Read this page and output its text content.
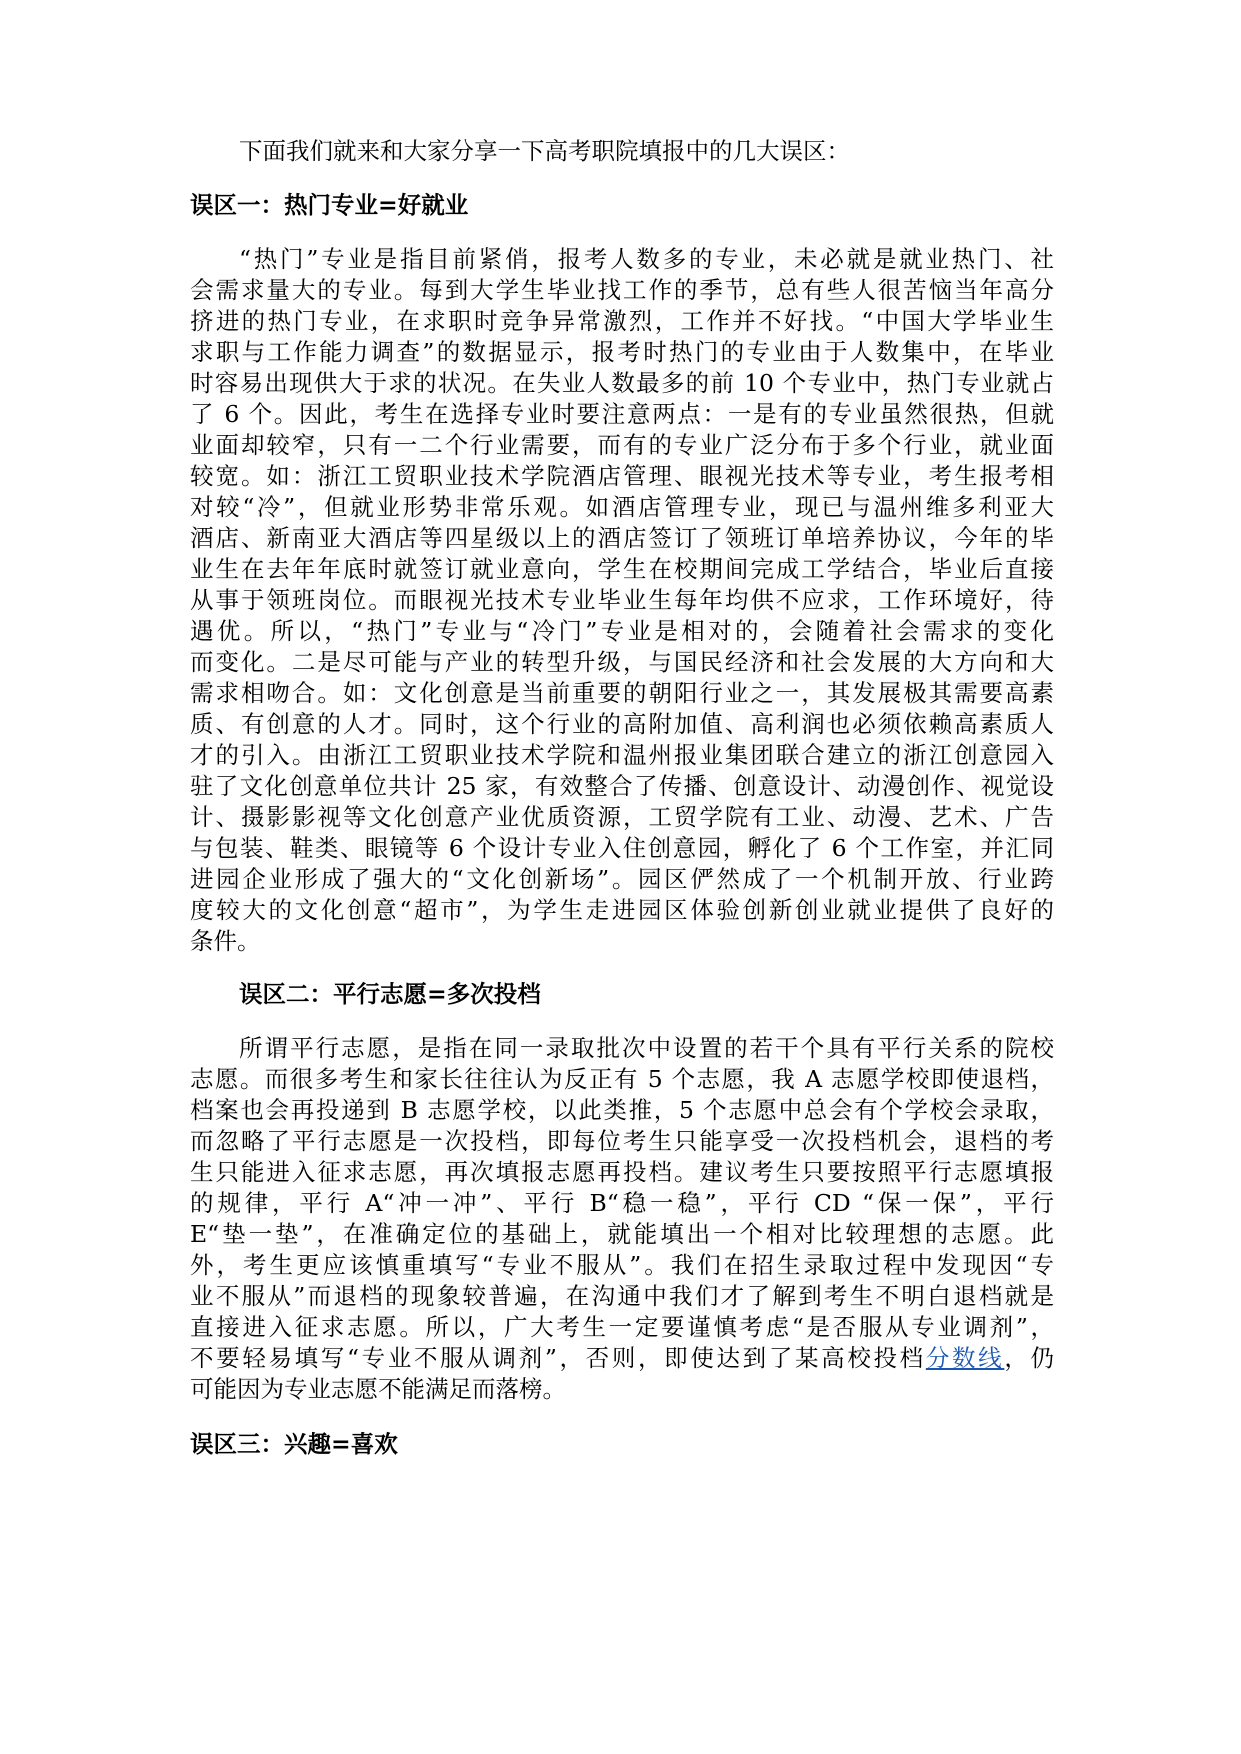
下面我们就来和大家分享一下高考职院填报中的几大误区：

误区一：热门专业=好就业

“热门”专业是指目前紧俏，报考人数多的专业，未必就是就业热门、社

会需求量大的专业。每到大学生毕业找工作的季节，总有些人很苦恼当年高分

挤进的热门专业，在求职时竞争异常激烈，工作并不好找。“中国大学毕业生

求职与工作能力调查”的数据显示，报考时热门的专业由于人数集中，在毕业

时容易出现供大于求的状况。在失业人数最多的前 10 个专业中，热门专业就占

了 6 个。因此，考生在选择专业时要注意两点：一是有的专业虽然很热，但就

业面却较窄，只有一二个行业需要，而有的专业广泛分布于多个行业，就业面

较宽。如：浙江工贸职业技术学院酒店管理、眼视光技术等专业，考生报考相

对较“冷”，但就业形势非常乐观。如酒店管理专业，现已与温州维多利亚大

酒店、新南亚大酒店等四星级以上的酒店签订了领班订单培养协议，今年的毕

业生在去年年底时就签订就业意向，学生在校期间完成工学结合，毕业后直接

从事于领班岗位。而眼视光技术专业毕业生每年均供不应求，工作环境好，待

遇优。所以，“热门”专业与“冷门”专业是相对的，会随着社会需求的变化

而变化。二是尽可能与产业的转型升级，与国民经济和社会发展的大方向和大

需求相吻合。如：文化创意是当前重要的朝阳行业之一，其发展极其需要高素

质、有创意的人才。同时，这个行业的高附加值、高利润也必须依赖高素质人

才的引入。由浙江工贸职业技术学院和温州报业集团联合建立的浙江创意园入

驻了文化创意单位共计 25 家，有效整合了传播、创意设计、动漫创作、视觉设

计、摄影影视等文化创意产业优质资源，工贸学院有工业、动漫、艺术、广告

与包装、鞋类、眼镜等 6 个设计专业入住创意园，孵化了 6 个工作室，并汇同

进园企业形成了强大的“文化创新场”。园区俨然成了一个机制开放、行业跨

度较大的文化创意“超市”，为学生走进园区体验创新创业就业提供了良好的

条件。

误区二：平行志愿=多次投档

所谓平行志愿，是指在同一录取批次中设置的若干个具有平行关系的院校

志愿。而很多考生和家长往往认为反正有 5 个志愿，我 A 志愿学校即使退档，

档案也会再投递到 B 志愿学校，以此类推，5 个志愿中总会有个学校会录取，

而忽略了平行志愿是一次投档，即每位考生只能享受一次投档机会，退档的考

生只能进入征求志愿，再次填报志愿再投档。建议考生只要按照平行志愿填报

的规律，平行 A“冲一冲”、平行 B“稳一稳”，平行 CD “保一保”，平行

E“垫一垫”，在准确定位的基础上，就能填出一个相对比较理想的志愿。此

外，考生更应该慎重填写“专业不服从”。我们在招生录取过程中发现因“专

业不服从”而退档的现象较普遍，在沟通中我们才了解到考生不明白退档就是

直接进入征求志愿。所以，广大考生一定要谨慎考虑“是否服从专业调剂”，

不要轻易填写“专业不服从调剂”，否则，即使达到了某高校投档分数线，仍

可能因为专业志愿不能满足而落榜。

误区三：兴趣=喜欢
